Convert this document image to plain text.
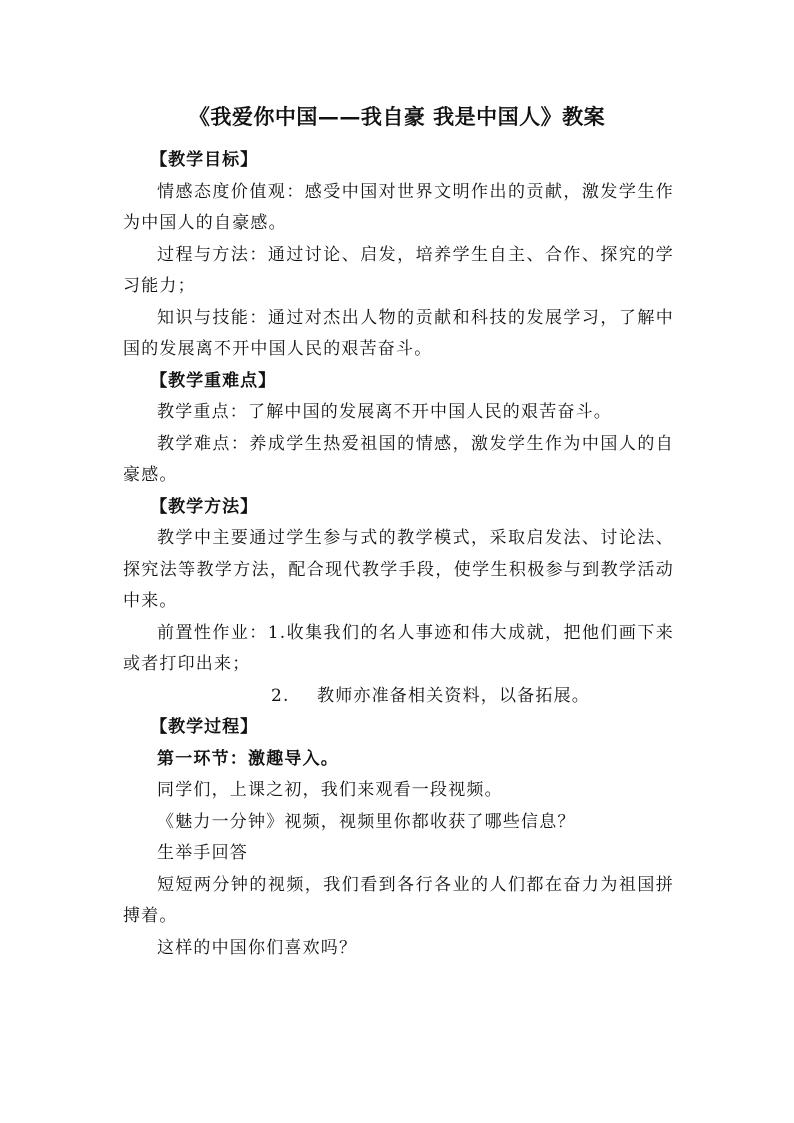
《我爱你中国——我自豪 我是中国人》教案

【教学目标】

情感态度价值观：感受中国对世界文明作出的贡献，激发学生作为中国人的自豪感。

过程与方法：通过讨论、启发，培养学生自主、合作、探究的学习能力；

知识与技能：通过对杰出人物的贡献和科技的发展学习，了解中国的发展离不开中国人民的艰苦奋斗。

【教学重难点】

教学重点：了解中国的发展离不开中国人民的艰苦奋斗。

教学难点：养成学生热爱祖国的情感，激发学生作为中国人的自豪感。

【教学方法】

教学中主要通过学生参与式的教学模式，采取启发法、讨论法、探究法等教学方法，配合现代教学手段，使学生积极参与到教学活动中来。

前置性作业：1.收集我们的名人事迹和伟大成就，把他们画下来或者打印出来；

2. 教师亦准备相关资料，以备拓展。

【教学过程】

第一环节：激趣导入。

同学们，上课之初，我们来观看一段视频。

《魅力一分钟》视频，视频里你都收获了哪些信息？

生举手回答

短短两分钟的视频，我们看到各行各业的人们都在奋力为祖国拼搏着。

这样的中国你们喜欢吗？
